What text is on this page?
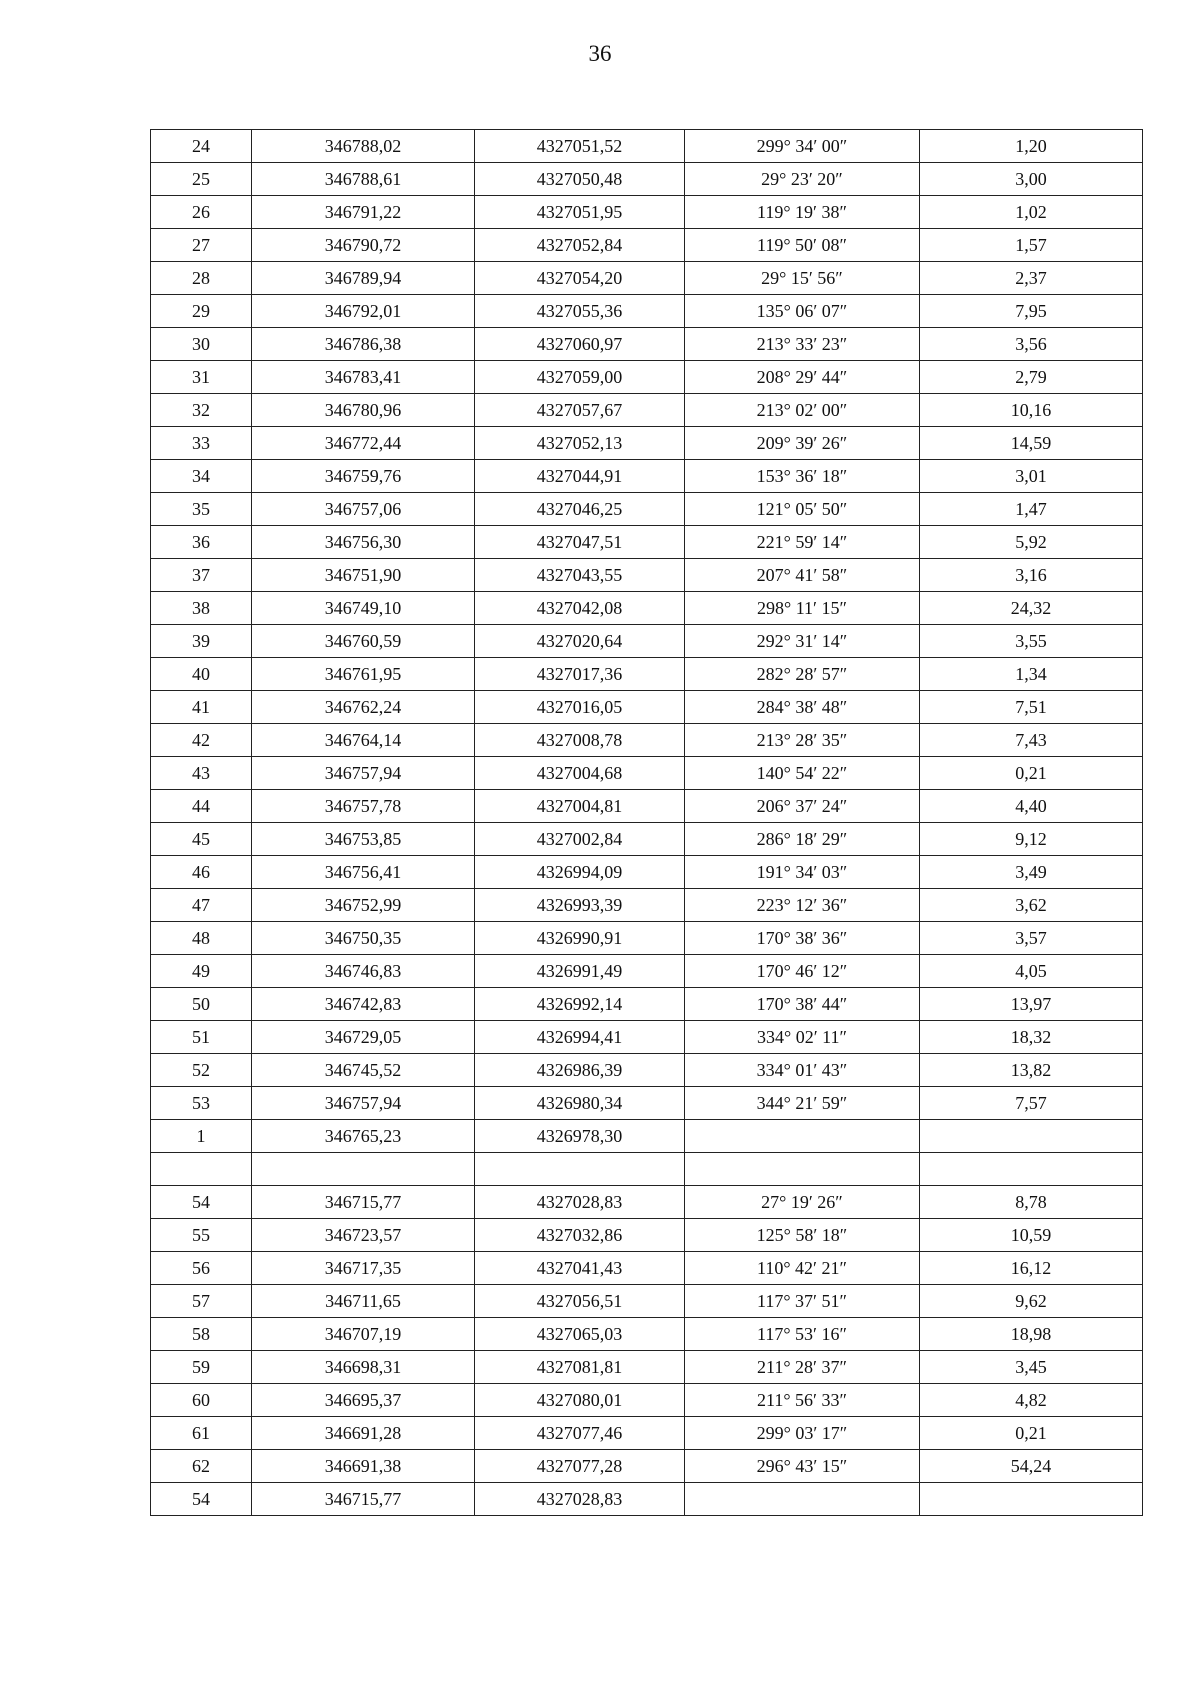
36
24	346788,02	4327051,52	299° 34′ 00″	1,20
25	346788,61	4327050,48	29° 23′ 20″	3,00
26	346791,22	4327051,95	119° 19′ 38″	1,02
27	346790,72	4327052,84	119° 50′ 08″	1,57
28	346789,94	4327054,20	29° 15′ 56″	2,37
29	346792,01	4327055,36	135° 06′ 07″	7,95
30	346786,38	4327060,97	213° 33′ 23″	3,56
31	346783,41	4327059,00	208° 29′ 44″	2,79
32	346780,96	4327057,67	213° 02′ 00″	10,16
33	346772,44	4327052,13	209° 39′ 26″	14,59
34	346759,76	4327044,91	153° 36′ 18″	3,01
35	346757,06	4327046,25	121° 05′ 50″	1,47
36	346756,30	4327047,51	221° 59′ 14″	5,92
37	346751,90	4327043,55	207° 41′ 58″	3,16
38	346749,10	4327042,08	298° 11′ 15″	24,32
39	346760,59	4327020,64	292° 31′ 14″	3,55
40	346761,95	4327017,36	282° 28′ 57″	1,34
41	346762,24	4327016,05	284° 38′ 48″	7,51
42	346764,14	4327008,78	213° 28′ 35″	7,43
43	346757,94	4327004,68	140° 54′ 22″	0,21
44	346757,78	4327004,81	206° 37′ 24″	4,40
45	346753,85	4327002,84	286° 18′ 29″	9,12
46	346756,41	4326994,09	191° 34′ 03″	3,49
47	346752,99	4326993,39	223° 12′ 36″	3,62
48	346750,35	4326990,91	170° 38′ 36″	3,57
49	346746,83	4326991,49	170° 46′ 12″	4,05
50	346742,83	4326992,14	170° 38′ 44″	13,97
51	346729,05	4326994,41	334° 02′ 11″	18,32
52	346745,52	4326986,39	334° 01′ 43″	13,82
53	346757,94	4326980,34	344° 21′ 59″	7,57
1	346765,23	4326978,30		

54	346715,77	4327028,83	27° 19′ 26″	8,78
55	346723,57	4327032,86	125° 58′ 18″	10,59
56	346717,35	4327041,43	110° 42′ 21″	16,12
57	346711,65	4327056,51	117° 37′ 51″	9,62
58	346707,19	4327065,03	117° 53′ 16″	18,98
59	346698,31	4327081,81	211° 28′ 37″	3,45
60	346695,37	4327080,01	211° 56′ 33″	4,82
61	346691,28	4327077,46	299° 03′ 17″	0,21
62	346691,38	4327077,28	296° 43′ 15″	54,24
54	346715,77	4327028,83		
